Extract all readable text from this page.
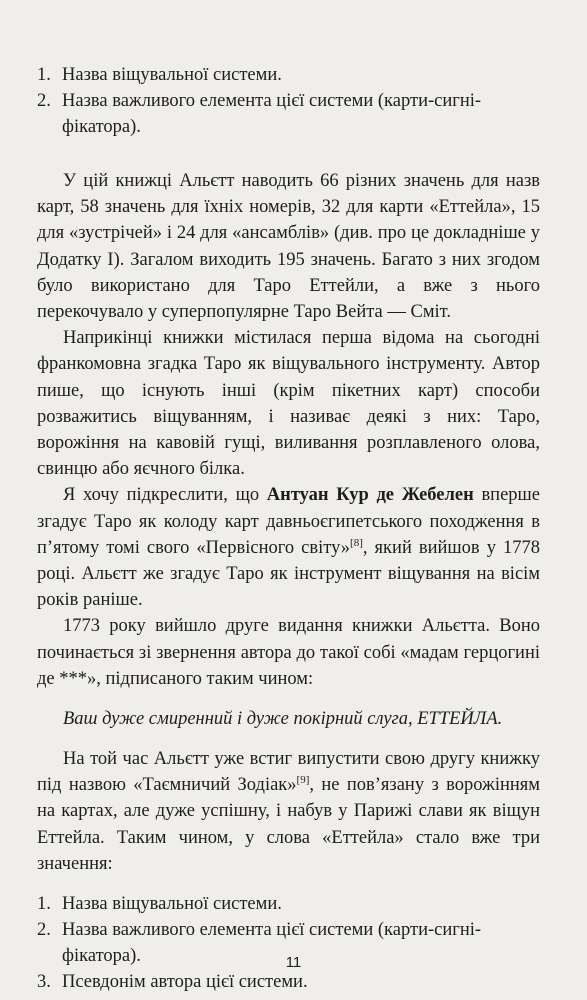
1. Назва віщувальної системи.
2. Назва важливого елемента цієї системи (карти-сигніфікатора).

У цій книжці Альєтт наводить 66 різних значень для назв карт, 58 значень для їхніх номерів, 32 для карти «Еттейла», 15 для «зустрічей» і 24 для «ансамблів» (див. про це докладніше у Додатку I). Загалом виходить 195 значень. Багато з них згодом було використано для Таро Еттейли, а вже з нього перекочувало у суперпопулярне Таро Вейта — Сміт.

Наприкінці книжки містилася перша відома на сьогодні франкомовна згадка Таро як віщувального інструменту. Автор пише, що існують інші (крім пікетних карт) способи розважитись віщуванням, і називає деякі з них: Таро, ворожіння на кавовій гущі, виливання розплавленого олова, свинцю або яєчного білка.

Я хочу підкреслити, що Антуан Кур де Жебелен вперше згадує Таро як колоду карт давньоєгипетського походження в п’ятому томі свого «Первісного світу»[8], який вийшов у 1778 році. Альєтт же згадує Таро як інструмент віщування на вісім років раніше.

1773 року вийшло друге видання книжки Альєтта. Воно починається зі звернення автора до такої собі «мадам герцогині де ***», підписаного таким чином:

Ваш дуже смиренний і дуже покірний слуга, ЕТТЕЙЛА.

На той час Альєтт уже встиг випустити свою другу книжку під назвою «Таємничий Зодіак»[9], не пов’язану з ворожінням на картах, але дуже успішну, і набув у Парижі слави як віщун Еттейла. Таким чином, у слова «Еттейла» стало вже три значення:

1. Назва віщувальної системи.
2. Назва важливого елемента цієї системи (карти-сигніфікатора).
3. Псевдонім автора цієї системи.
11
